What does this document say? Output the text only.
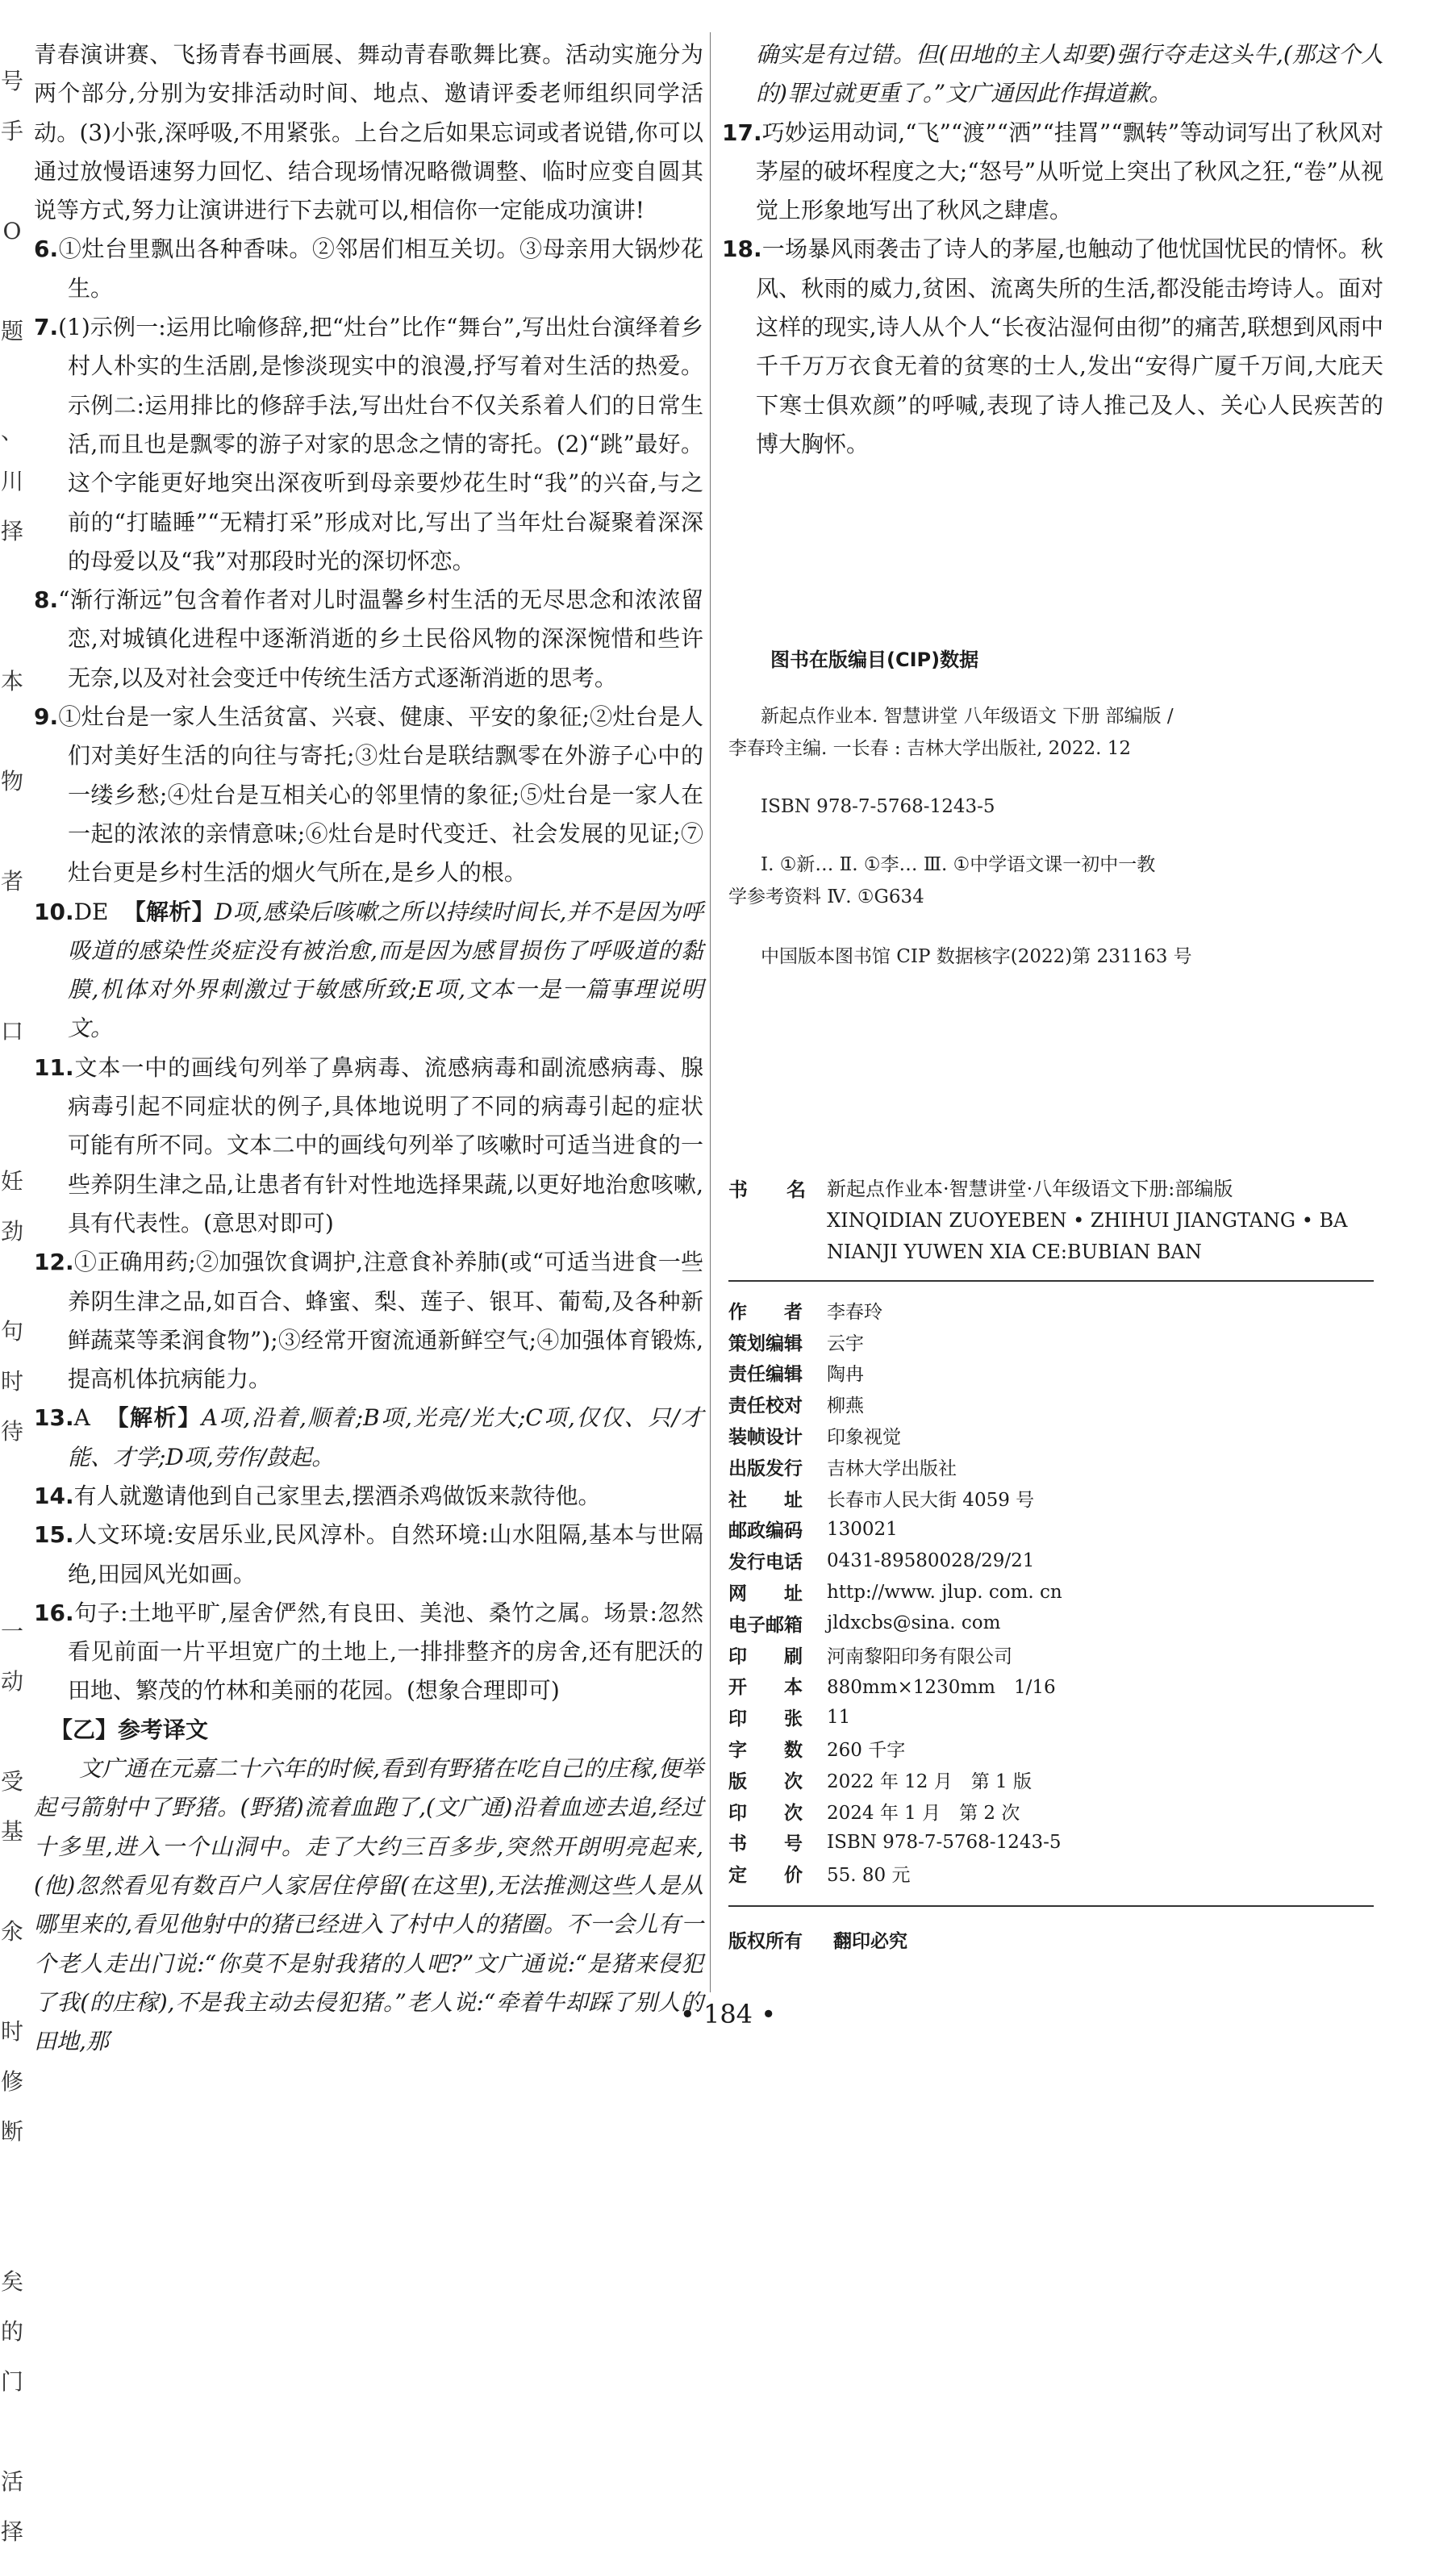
号
手

O

题

、
川
择

本

物

者

口

妊
劲

句
时
待

一
动

受
基

氽

时
修
断

矣
的
门

活
择

青春演讲赛、飞扬青春书画展、舞动青春歌舞比赛。活动实施分为两个部分,分别为安排活动时间、地点、邀请评委老师组织同学活动。(3)小张,深呼吸,不用紧张。上台之后如果忘词或者说错,你可以通过放慢语速努力回忆、结合现场情况略微调整、临时应变自圆其说等方式,努力让演讲进行下去就可以,相信你一定能成功演讲!

6.①灶台里飘出各种香味。②邻居们相互关切。③母亲用大锅炒花生。

7.(1)示例一:运用比喻修辞,把“灶台”比作“舞台”,写出灶台演绎着乡村人朴实的生活剧,是惨淡现实中的浪漫,抒写着对生活的热爱。示例二:运用排比的修辞手法,写出灶台不仅关系着人们的日常生活,而且也是飘零的游子对家的思念之情的寄托。(2)“跳”最好。这个字能更好地突出深夜听到母亲要炒花生时“我”的兴奋,与之前的“打瞌睡”“无精打采”形成对比,写出了当年灶台凝聚着深深的母爱以及“我”对那段时光的深切怀恋。

8.“渐行渐远”包含着作者对儿时温馨乡村生活的无尽思念和浓浓留恋,对城镇化进程中逐渐消逝的乡土民俗风物的深深惋惜和些许无奈,以及对社会变迁中传统生活方式逐渐消逝的思考。

9.①灶台是一家人生活贫富、兴衰、健康、平安的象征;②灶台是人们对美好生活的向往与寄托;③灶台是联结飘零在外游子心中的一缕乡愁;④灶台是互相关心的邻里情的象征;⑤灶台是一家人在一起的浓浓的亲情意味;⑥灶台是时代变迁、社会发展的见证;⑦灶台更是乡村生活的烟火气所在,是乡人的根。

10.DE 【解析】D项,感染后咳嗽之所以持续时间长,并不是因为呼吸道的感染性炎症没有被治愈,而是因为感冒损伤了呼吸道的黏膜,机体对外界刺激过于敏感所致;E项,文本一是一篇事理说明文。

11.文本一中的画线句列举了鼻病毒、流感病毒和副流感病毒、腺病毒引起不同症状的例子,具体地说明了不同的病毒引起的症状可能有所不同。文本二中的画线句列举了咳嗽时可适当进食的一些养阴生津之品,让患者有针对性地选择果蔬,以更好地治愈咳嗽,具有代表性。(意思对即可)

12.①正确用药;②加强饮食调护,注意食补养肺(或“可适当进食一些养阴生津之品,如百合、蜂蜜、梨、莲子、银耳、葡萄,及各种新鲜蔬菜等柔润食物”);③经常开窗流通新鲜空气;④加强体育锻炼,提高机体抗病能力。

13.A 【解析】A项,沿着,顺着;B项,光亮/光大;C项,仅仅、只/才能、才学;D项,劳作/鼓起。

14.有人就邀请他到自己家里去,摆酒杀鸡做饭来款待他。

15.人文环境:安居乐业,民风淳朴。自然环境:山水阻隔,基本与世隔绝,田园风光如画。

16.句子:土地平旷,屋舍俨然,有良田、美池、桑竹之属。场景:忽然看见前面一片平坦宽广的土地上,一排排整齐的房舍,还有肥沃的田地、繁茂的竹林和美丽的花园。(想象合理即可)

【乙】参考译文

文广通在元嘉二十六年的时候,看到有野猪在吃自己的庄稼,便举起弓箭射中了野猪。(野猪)流着血跑了,(文广通)沿着血迹去追,经过十多里,进入一个山洞中。走了大约三百多步,突然开朗明亮起来,(他)忽然看见有数百户人家居住停留(在这里),无法推测这些人是从哪里来的,看见他射中的猪已经进入了村中人的猪圈。不一会儿有一个老人走出门说:“你莫不是射我猪的人吧?”文广通说:“是猪来侵犯了我(的庄稼),不是我主动去侵犯猪。”老人说:“牵着牛却踩了别人的田地,那

确实是有过错。但(田地的主人却要)强行夺走这头牛,(那这个人的)罪过就更重了。”文广通因此作揖道歉。

17.巧妙运用动词,“飞”“渡”“洒”“挂罥”“飘转”等动词写出了秋风对茅屋的破坏程度之大;“怒号”从听觉上突出了秋风之狂,“卷”从视觉上形象地写出了秋风之肆虐。

18.一场暴风雨袭击了诗人的茅屋,也触动了他忧国忧民的情怀。秋风、秋雨的威力,贫困、流离失所的生活,都没能击垮诗人。面对这样的现实,诗人从个人“长夜沾湿何由彻”的痛苦,联想到风雨中千千万万衣食无着的贫寒的士人,发出“安得广厦千万间,大庇天下寒士俱欢颜”的呼喊,表现了诗人推己及人、关心人民疾苦的博大胸怀。

图书在版编目(CIP)数据

新起点作业本. 智慧讲堂 八年级语文 下册 部编版 /

李春玲主编. 一长春 : 吉林大学出版社, 2022. 12

ISBN 978-7-5768-1243-5

Ⅰ. ①新… Ⅱ. ①李… Ⅲ. ①中学语文课一初中一教

学参考资料 Ⅳ. ①G634

中国版本图书馆 CIP 数据核字(2022)第 231163 号

书名
新起点作业本·智慧讲堂·八年级语文下册:部编版
XINQIDIAN ZUOYEBEN • ZHIHUI JIANGTANG • BA
NIANJI YUWEN XIA CE:BUBIAN BAN
作　　者	李春玲
策划编辑	云宇
责任编辑	陶冉
责任校对	柳燕
装帧设计	印象视觉
出版发行	吉林大学出版社
社　　址	长春市人民大街 4059 号
邮政编码	130021
发行电话	0431-89580028/29/21
网　　址	http://www. jlup. com. cn
电子邮箱	jldxcbs@sina. com
印　　刷	河南黎阳印务有限公司
开　　本	880mm×1230mm　1/16
印　　张	11
字　　数	260 千字
版　　次	2022 年 12 月　第 1 版
印　　次	2024 年 1 月　第 2 次
书　　号	ISBN 978-7-5768-1243-5
定　　价	55. 80 元
版权所有 翻印必究
• 184 •
